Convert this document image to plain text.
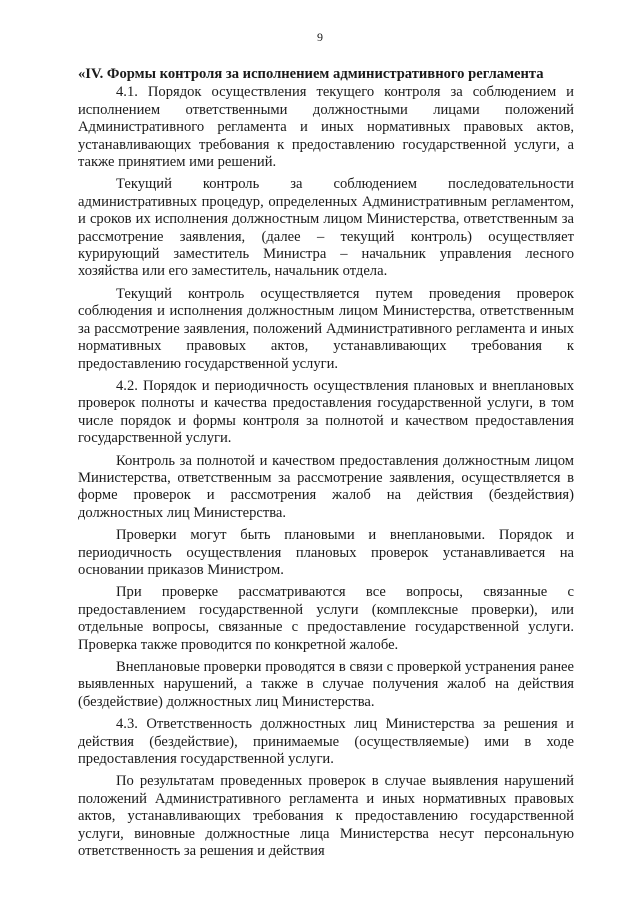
9

«IV. Формы контроля за исполнением административного регламента

4.1. Порядок осуществления текущего контроля за соблюдением и исполнением ответственными должностными лицами положений Административного регламента и иных нормативных правовых актов, устанавливающих требования к предоставлению государственной услуги, а также принятием ими решений.

Текущий контроль за соблюдением последовательности административных процедур, определенных Административным регламентом, и сроков их исполнения должностным лицом Министерства, ответственным за рассмотрение заявления, (далее – текущий контроль) осуществляет курирующий заместитель Министра – начальник управления лесного хозяйства или его заместитель, начальник отдела.

Текущий контроль осуществляется путем проведения проверок соблюдения и исполнения должностным лицом Министерства, ответственным за рассмотрение заявления, положений Административного регламента и иных нормативных правовых актов, устанавливающих требования к предоставлению государственной услуги.

4.2. Порядок и периодичность осуществления плановых и внеплановых проверок полноты и качества предоставления государственной услуги, в том числе порядок и формы контроля за полнотой и качеством предоставления государственной услуги.

Контроль за полнотой и качеством предоставления должностным лицом Министерства, ответственным за рассмотрение заявления, осуществляется в форме проверок и рассмотрения жалоб на действия (бездействия) должностных лиц Министерства.

Проверки могут быть плановыми и внеплановыми. Порядок и периодичность осуществления плановых проверок устанавливается на основании приказов Министром.

При проверке рассматриваются все вопросы, связанные с предоставлением государственной услуги (комплексные проверки), или отдельные вопросы, связанные с предоставление государственной услуги. Проверка также проводится по конкретной жалобе.

Внеплановые проверки проводятся в связи с проверкой устранения ранее выявленных нарушений, а также в случае получения жалоб на действия (бездействие) должностных лиц Министерства.

4.3. Ответственность должностных лиц Министерства за решения и действия (бездействие), принимаемые (осуществляемые) ими в ходе предоставления государственной услуги.

По результатам проведенных проверок в случае выявления нарушений положений Административного регламента и иных нормативных правовых актов, устанавливающих требования к предоставлению государственной услуги, виновные должностные лица Министерства несут персональную ответственность за решения и действия
